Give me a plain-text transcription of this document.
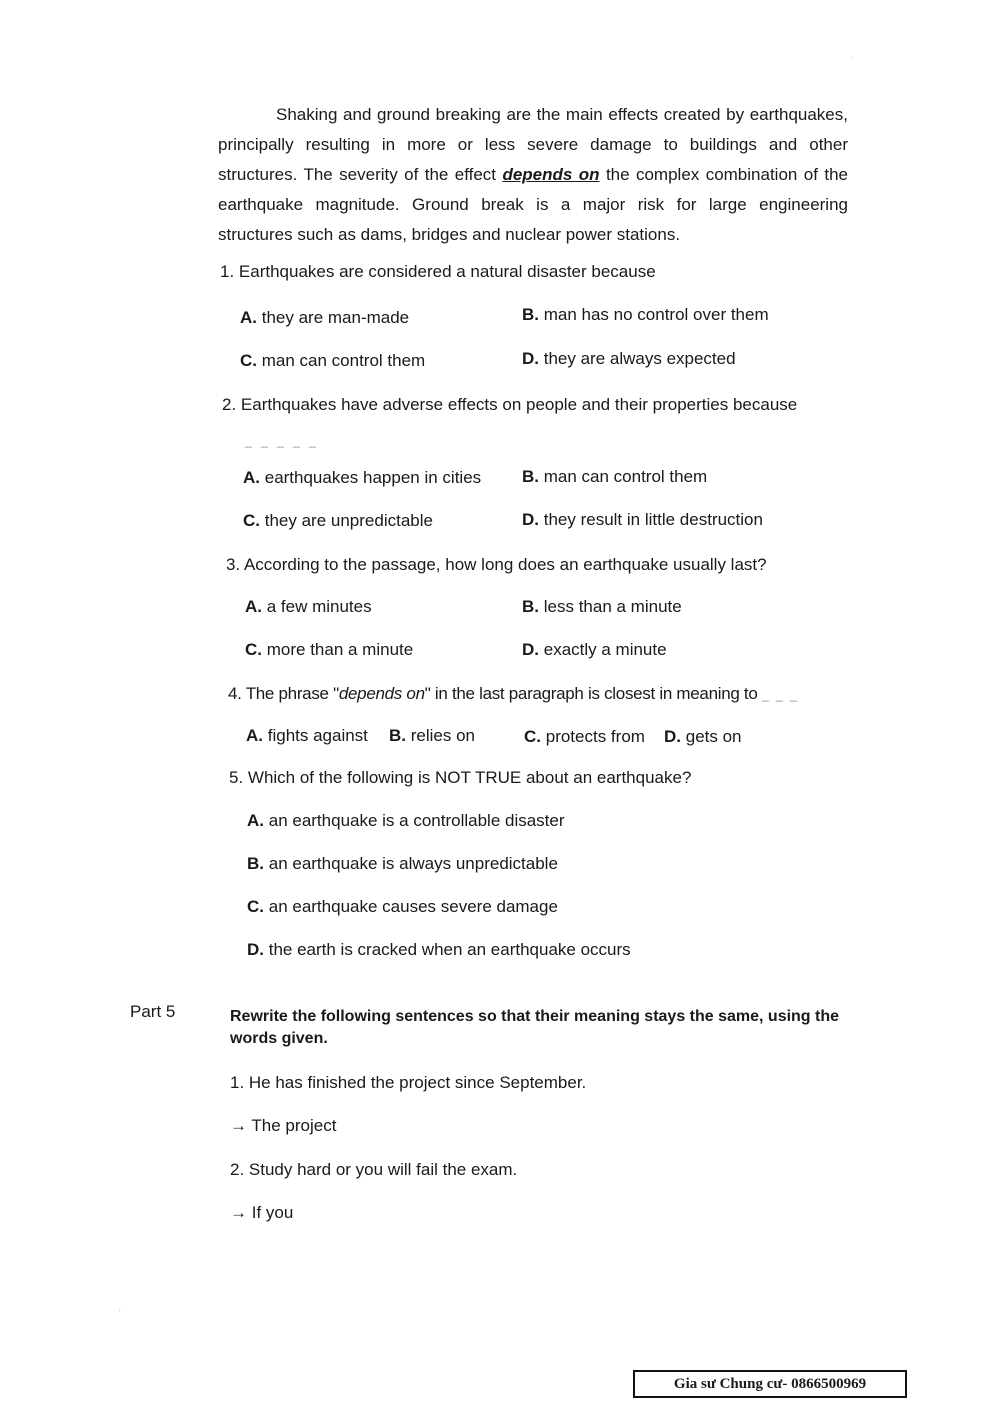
·
Shaking and ground breaking are the main effects created by earthquakes, principally resulting in more or less severe damage to buildings and other structures. The severity of the effect depends on the complex combination of the earthquake magnitude. Ground break is a major risk for large engineering structures such as dams, bridges and nuclear power stations.
1. Earthquakes are considered a natural disaster because
A. they are man-made	B. man has no control over them
C. man can control them	D. they are always expected
2. Earthquakes have adverse effects on people and their properties because
_ _ _ _ _
A. earthquakes happen in cities B. man can control them
C. they are unpredictable	D. they result in little destruction
3. According to the passage, how long does an earthquake usually last?
A. a few minutes	B. less than a minute
C. more than a minute	D. exactly a minute
4. The phrase "depends on" in the last paragraph is closest in meaning to _ _ _
A. fights against B. relies on	C. protects from D. gets on
5. Which of the following is NOT TRUE about an earthquake?
A. an earthquake is a controllable disaster
B. an earthquake is always unpredictable
C. an earthquake causes severe damage
D. the earth is cracked when an earthquake occurs
Part 5	Rewrite the following sentences so that their meaning stays the same, using the words given.
1. He has finished the project since September.
→ The project
2. Study hard or you will fail the exam.
→ If you
·
Gia sư Chung cư- 0866500969
